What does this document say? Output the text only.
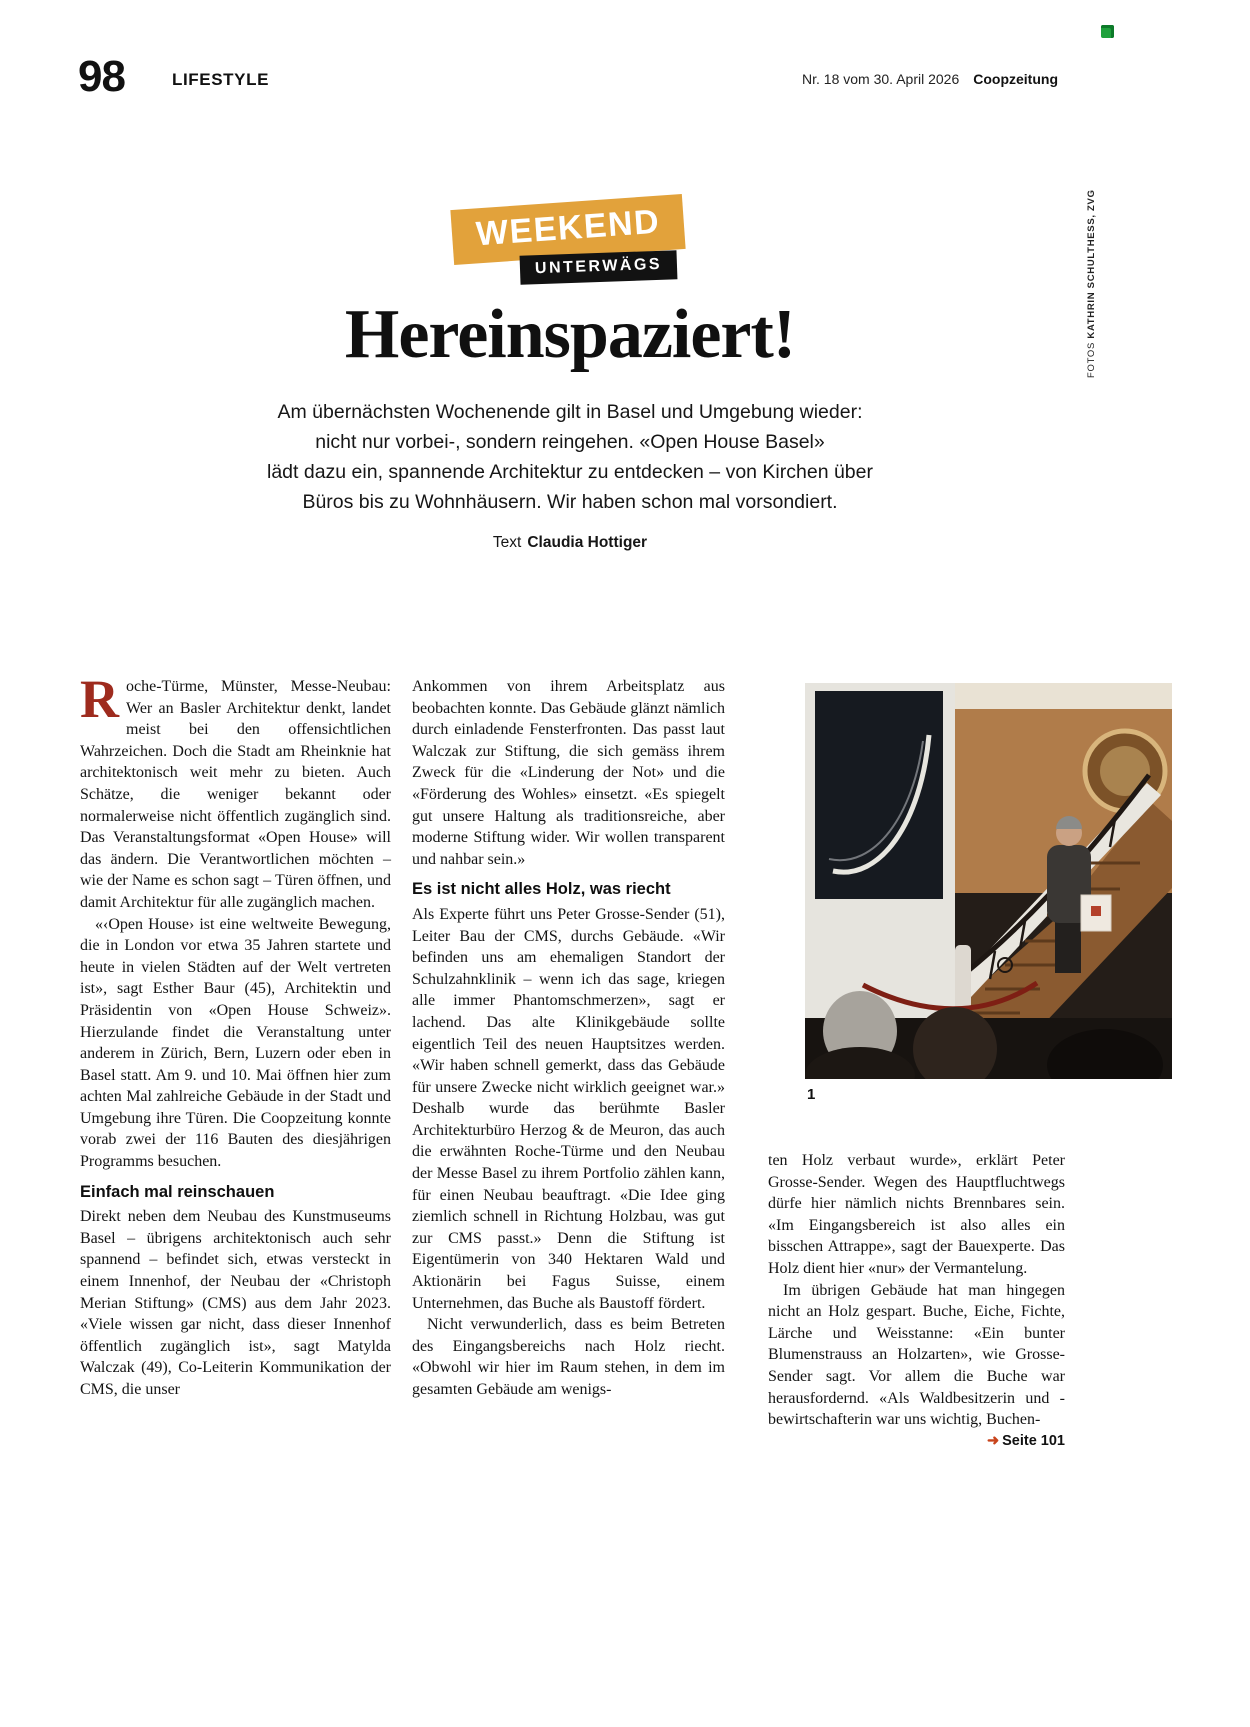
98	LIFESTYLE	Nr. 18 vom 30. April 2026 Coopzeitung
FOTOS KATHRIN SCHULTHESS, ZVG
WEEKEND
UNTERWÄGS
Hereinspaziert!
Am übernächsten Wochenende gilt in Basel und Umgebung wieder:
nicht nur vorbei-, sondern reingehen. «Open House Basel»
lädt dazu ein, spannende Architektur zu entdecken – von Kirchen über
Büros bis zu Wohnhäusern. Wir haben schon mal vorsondiert.
Text Claudia Hottiger

Roche-Türme, Münster, Messe-Neubau: Wer an Basler Architektur denkt, landet meist bei den offensichtlichen Wahrzeichen. Doch die Stadt am Rheinknie hat architektonisch weit mehr zu bieten. Auch Schätze, die weniger bekannt oder normalerweise nicht öffentlich zugänglich sind. Das Veranstaltungsformat «Open House» will das ändern. Die Verantwortlichen möchten – wie der Name es schon sagt – Türen öffnen, und damit Architektur für alle zugänglich machen.

«‹Open House› ist eine weltweite Bewegung, die in London vor etwa 35 Jahren startete und heute in vielen Städten auf der Welt vertreten ist», sagt Esther Baur (45), Architektin und Präsidentin von «Open House Schweiz». Hierzulande findet die Veranstaltung unter anderem in Zürich, Bern, Luzern oder eben in Basel statt. Am 9. und 10. Mai öffnen hier zum achten Mal zahlreiche Gebäude in der Stadt und Umgebung ihre Türen. Die Coopzeitung konnte vorab zwei der 116 Bauten des diesjährigen Programms besuchen.

Einfach mal reinschauen

Direkt neben dem Neubau des Kunstmuseums Basel – übrigens architektonisch auch sehr spannend – befindet sich, etwas versteckt in einem Innenhof, der Neubau der «Christoph Merian Stiftung» (CMS) aus dem Jahr 2023. «Viele wissen gar nicht, dass dieser Innenhof öffentlich zugänglich ist», sagt Matylda Walczak (49), Co-Leiterin Kommunikation der CMS, die unser

Ankommen von ihrem Arbeitsplatz aus beobachten konnte. Das Gebäude glänzt nämlich durch einladende Fensterfronten. Das passt laut Walczak zur Stiftung, die sich gemäss ihrem Zweck für die «Linderung der Not» und die «Förderung des Wohles» einsetzt. «Es spiegelt gut unsere Haltung als traditionsreiche, aber moderne Stiftung wider. Wir wollen transparent und nahbar sein.»

Es ist nicht alles Holz, was riecht

Als Experte führt uns Peter Grosse-Sender (51), Leiter Bau der CMS, durchs Gebäude. «Wir befinden uns am ehemaligen Standort der Schulzahnklinik – wenn ich das sage, kriegen alle immer Phantomschmerzen», sagt er lachend. Das alte Klinikgebäude sollte eigentlich Teil des neuen Hauptsitzes werden. «Wir haben schnell gemerkt, dass das Gebäude für unsere Zwecke nicht wirklich geeignet war.» Deshalb wurde das berühmte Basler Architekturbüro Herzog & de Meuron, das auch die erwähnten Roche-Türme und den Neubau der Messe Basel zu ihrem Portfolio zählen kann, für einen Neubau beauftragt. «Die Idee ging ziemlich schnell in Richtung Holzbau, was gut zur CMS passt.» Denn die Stiftung ist Eigentümerin von 340 Hektaren Wald und Aktionärin bei Fagus Suisse, einem Unternehmen, das Buche als Baustoff fördert.

Nicht verwunderlich, dass es beim Betreten des Eingangsbereichs nach Holz riecht. «Obwohl wir hier im Raum stehen, in dem im gesamten Gebäude am wenigs-

1

ten Holz verbaut wurde», erklärt Peter Grosse-Sender. Wegen des Hauptfluchtwegs dürfe hier nämlich nichts Brennbares sein. «Im Eingangsbereich ist also alles ein bisschen Attrappe», sagt der Bauexperte. Das Holz dient hier «nur» der Vermantelung.

Im übrigen Gebäude hat man hingegen nicht an Holz gespart. Buche, Eiche, Fichte, Lärche und Weisstanne: «Ein bunter Blumenstrauss an Holzarten», wie Grosse-Sender sagt. Vor allem die Buche war herausfordernd. «Als Waldbesitzerin und -bewirtschafterin war uns wichtig, Buchen-
➜ Seite 101
